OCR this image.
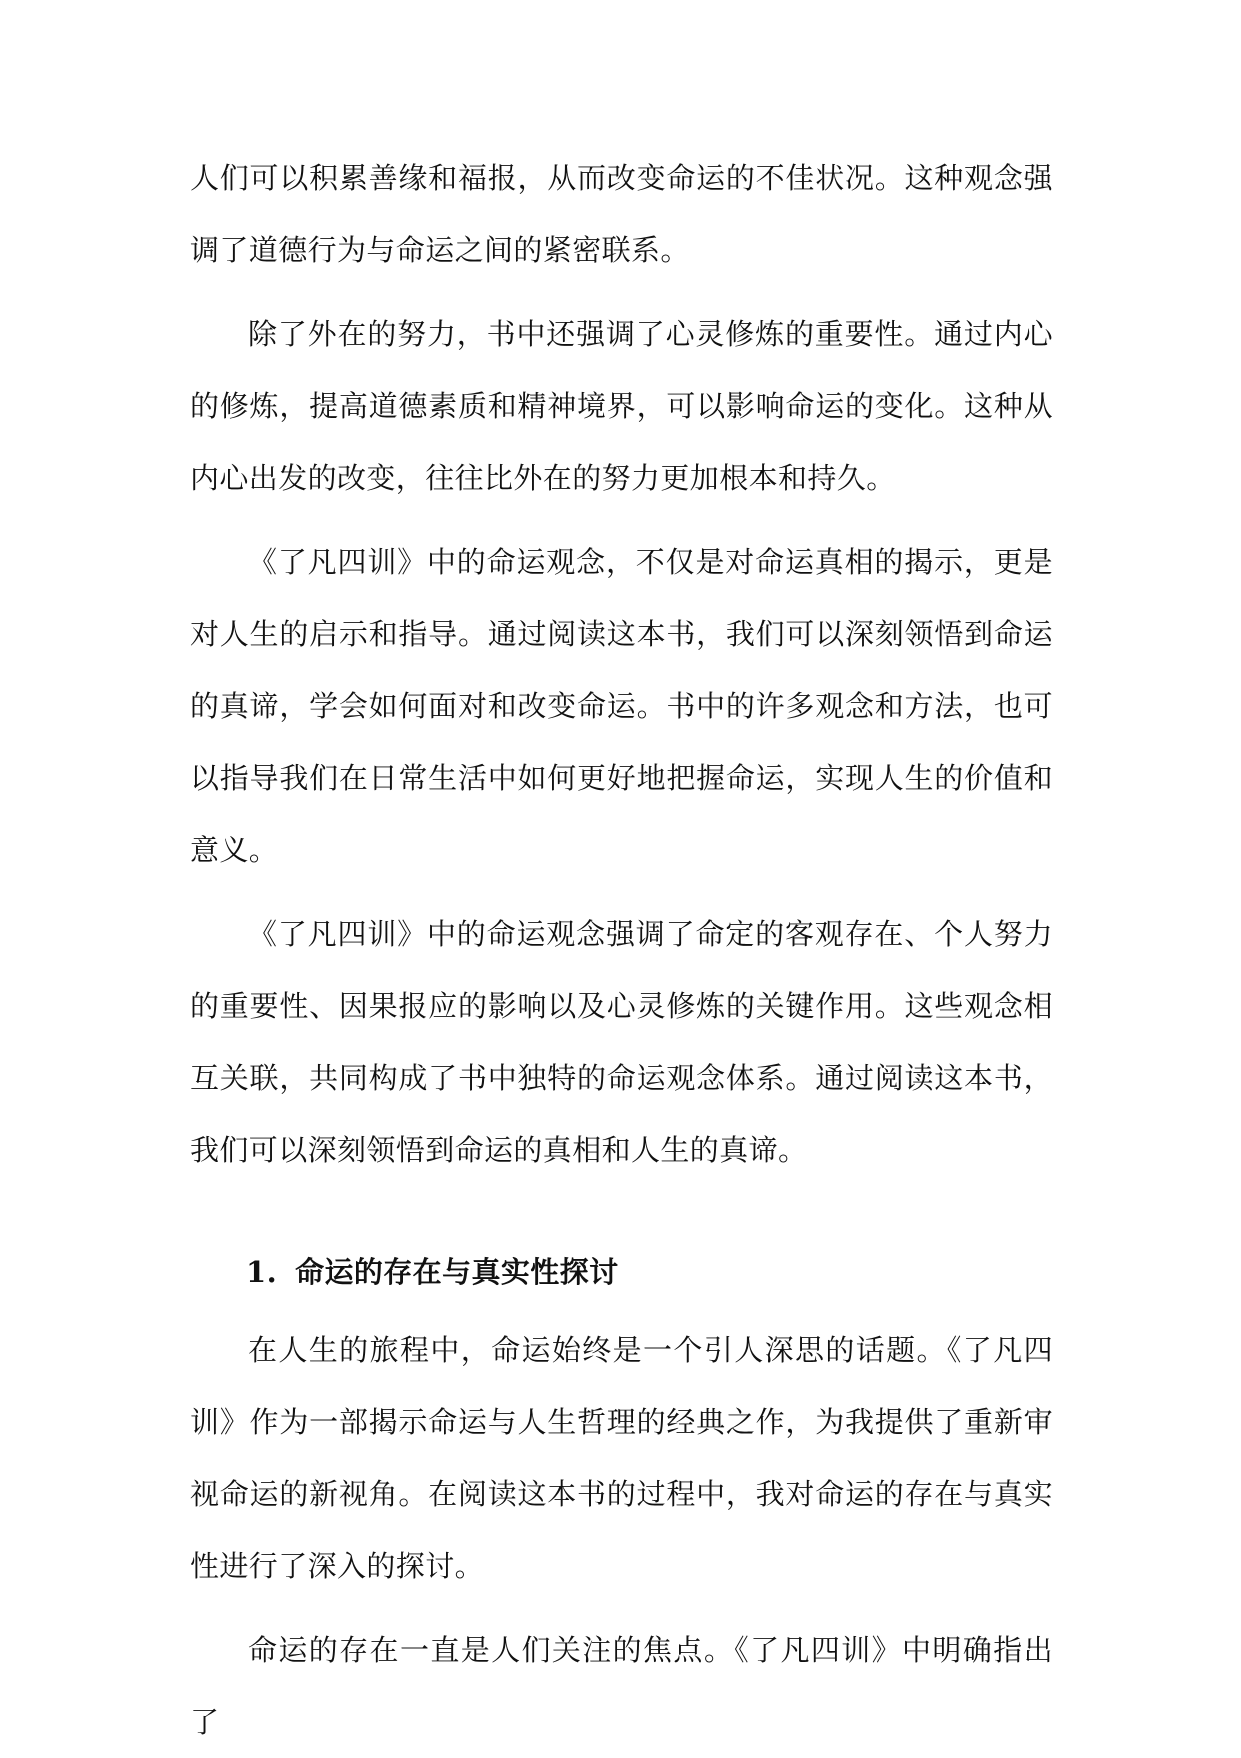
人们可以积累善缘和福报，从而改变命运的不佳状况。这种观念强调了道德行为与命运之间的紧密联系。

除了外在的努力，书中还强调了心灵修炼的重要性。通过内心的修炼，提高道德素质和精神境界，可以影响命运的变化。这种从内心出发的改变，往往比外在的努力更加根本和持久。

《了凡四训》中的命运观念，不仅是对命运真相的揭示，更是对人生的启示和指导。通过阅读这本书，我们可以深刻领悟到命运的真谛，学会如何面对和改变命运。书中的许多观念和方法，也可以指导我们在日常生活中如何更好地把握命运，实现人生的价值和意义。

《了凡四训》中的命运观念强调了命定的客观存在、个人努力的重要性、因果报应的影响以及心灵修炼的关键作用。这些观念相互关联，共同构成了书中独特的命运观念体系。通过阅读这本书，我们可以深刻领悟到命运的真相和人生的真谛。

1. 命运的存在与真实性探讨

在人生的旅程中，命运始终是一个引人深思的话题。《了凡四训》作为一部揭示命运与人生哲理的经典之作，为我提供了重新审视命运的新视角。在阅读这本书的过程中，我对命运的存在与真实性进行了深入的探讨。

命运的存在一直是人们关注的焦点。《了凡四训》中明确指出了
